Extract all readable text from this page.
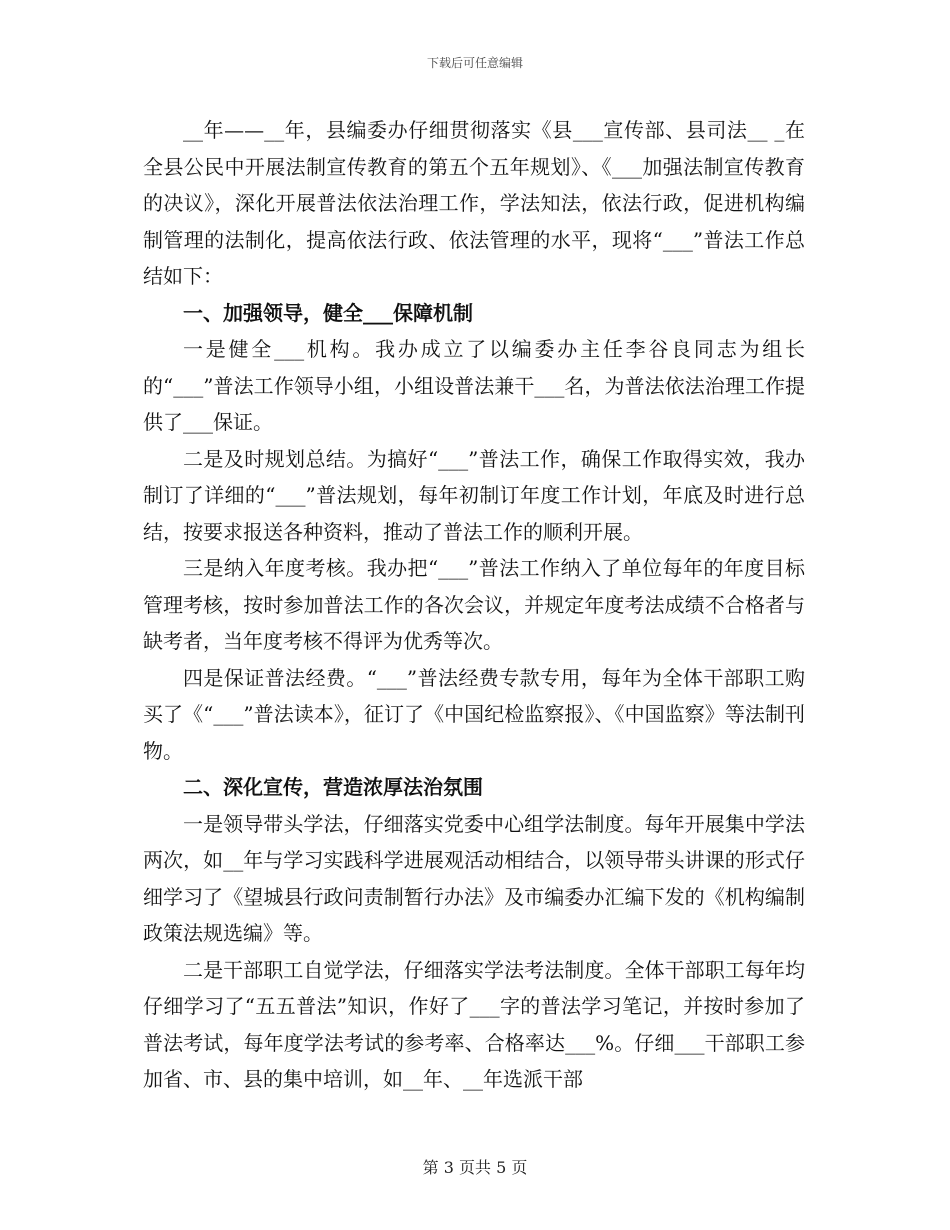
下载后可任意编辑

__年——__年，县编委办仔细贯彻落实《县___宣传部、县司法__ _在全县公民中开展法制宣传教育的第五个五年规划》、《___加强法制宣传教育的决议》，深化开展普法依法治理工作，学法知法，依法行政，促进机构编制管理的法制化，提高依法行政、依法管理的水平，现将“___”普法工作总结如下：

一、加强领导，健全___保障机制

一是健全___机构。我办成立了以编委办主任李谷良同志为组长的“___”普法工作领导小组，小组设普法兼干___名，为普法依法治理工作提供了___保证。

二是及时规划总结。为搞好“___”普法工作，确保工作取得实效，我办制订了详细的“___”普法规划，每年初制订年度工作计划，年底及时进行总结，按要求报送各种资料，推动了普法工作的顺利开展。

三是纳入年度考核。我办把“___”普法工作纳入了单位每年的年度目标管理考核，按时参加普法工作的各次会议，并规定年度考法成绩不合格者与缺考者，当年度考核不得评为优秀等次。

四是保证普法经费。“___”普法经费专款专用，每年为全体干部职工购买了《“___”普法读本》，征订了《中国纪检监察报》、《中国监察》等法制刊物。

二、深化宣传，营造浓厚法治氛围

一是领导带头学法，仔细落实党委中心组学法制度。每年开展集中学法两次，如__年与学习实践科学进展观活动相结合，以领导带头讲课的形式仔细学习了《望城县行政问责制暂行办法》及市编委办汇编下发的《机构编制政策法规选编》等。

二是干部职工自觉学法，仔细落实学法考法制度。全体干部职工每年均仔细学习了“五五普法”知识，作好了___字的普法学习笔记，并按时参加了普法考试，每年度学法考试的参考率、合格率达___%。仔细___干部职工参加省、市、县的集中培训，如__年、__年选派干部

第 3 页共 5 页
